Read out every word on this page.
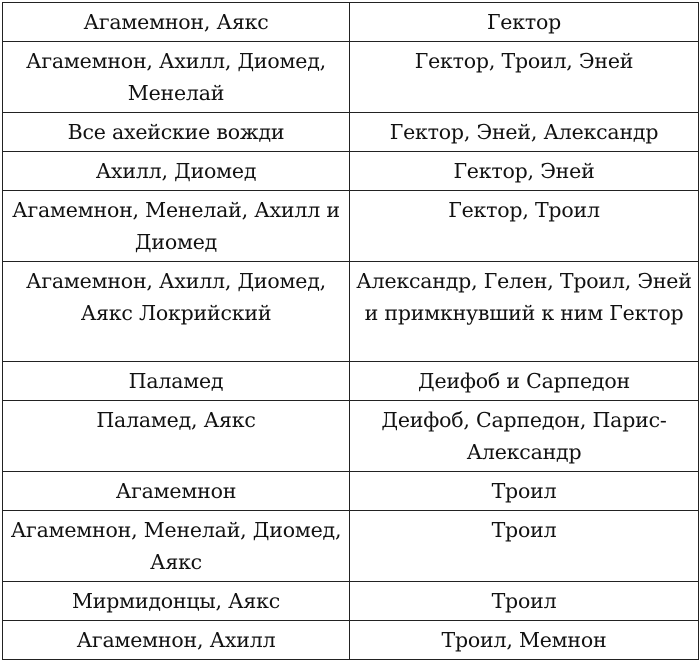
Агамемнон, Аякс	Гектор
Агамемнон, Ахилл, Диомед, Менелай	Гектор, Троил, Эней
Все ахейские вожди	Гектор, Эней, Александр
Ахилл, Диомед	Гектор, Эней
Агамемнон, Менелай, Ахилл и Диомед	Гектор, Троил
Агамемнон, Ахилл, Диомед, Аякс Локрийский	Александр, Гелен, Троил, Эней и примкнувший к ним Гектор
Паламед	Деифоб и Сарпедон
Паламед, Аякс	Деифоб, Сарпедон, Парис-Александр
Агамемнон	Троил
Агамемнон, Менелай, Диомед, Аякс	Троил
Мирмидонцы, Аякс	Троил
Агамемнон, Ахилл	Троил, Мемнон
